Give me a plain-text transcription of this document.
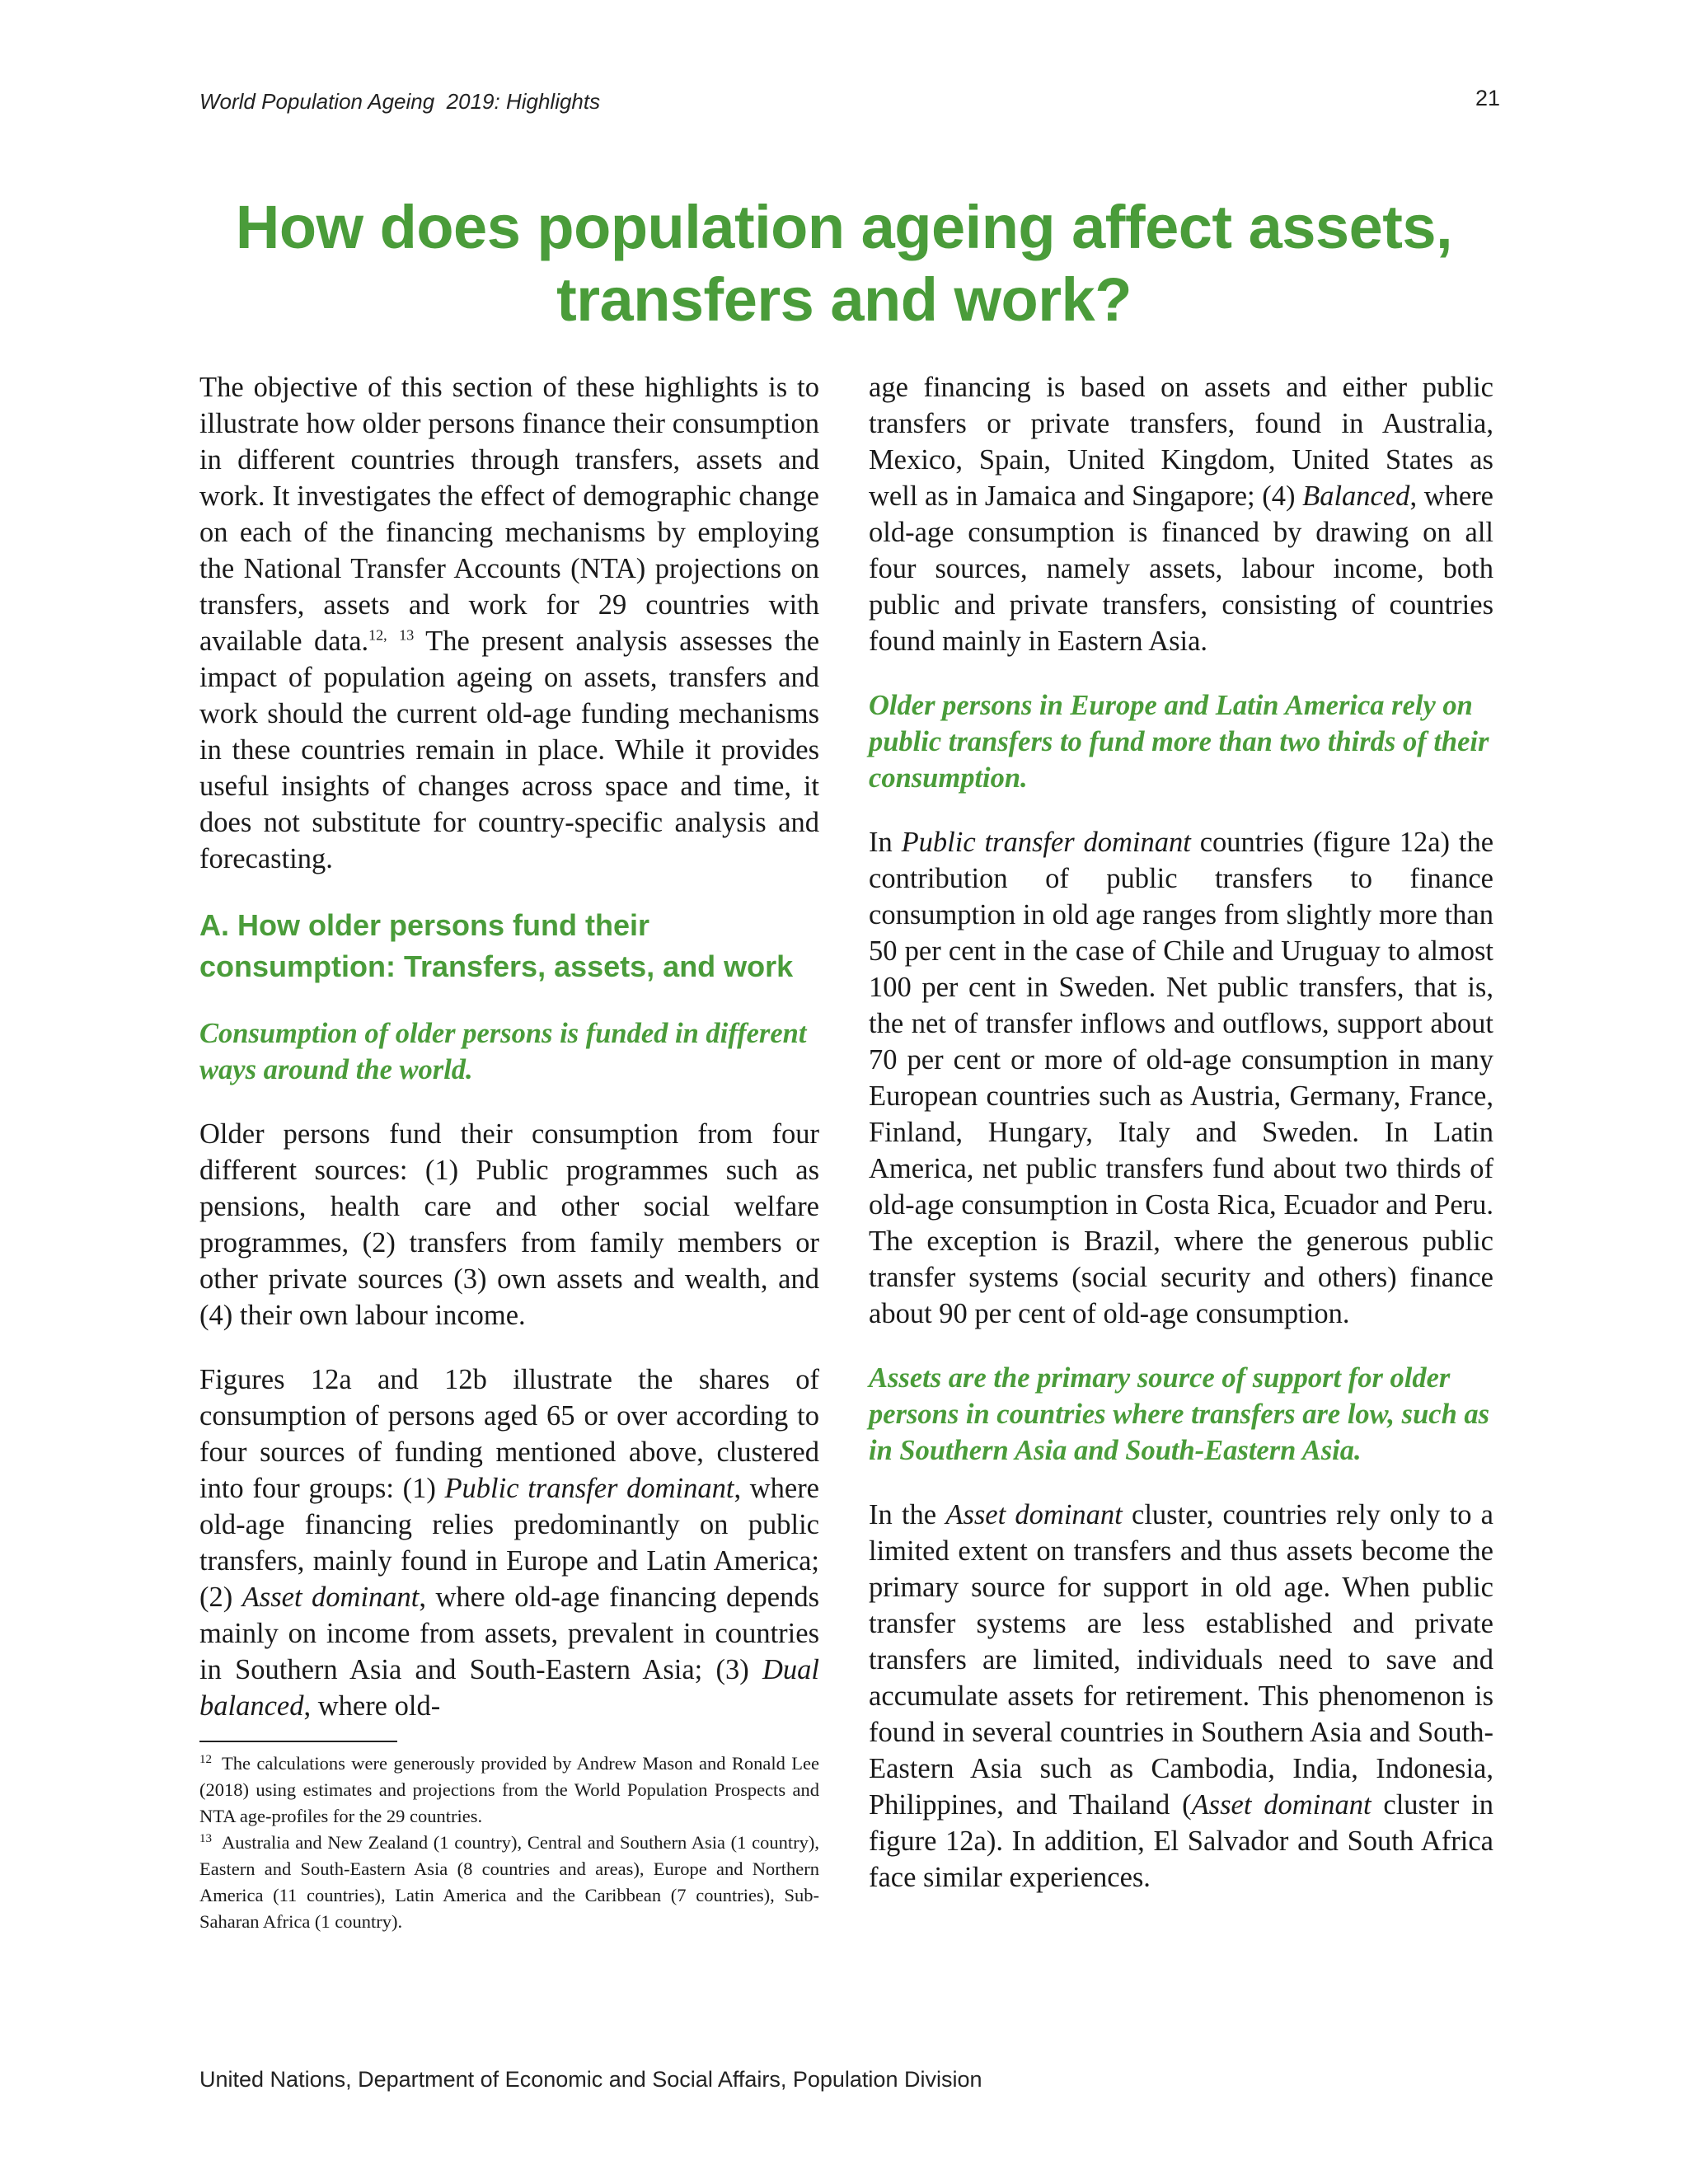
World Population Ageing  2019: Highlights	21
How does population ageing affect assets,
transfers and work?

The objective of this section of these highlights is to illustrate how older persons finance their consumption in different countries through transfers, assets and work. It investigates the effect of demographic change on each of the financing mechanisms by employing the National Transfer Accounts (NTA) projections on transfers, assets and work for 29 countries with available data.$^{12,}$ $^{13}$ The present analysis assesses the impact of population ageing on assets, transfers and work should the current old-age funding mechanisms in these countries remain in place. While it provides useful insights of changes across space and time, it does not substitute for country-specific analysis and forecasting.

A. How older persons fund their
consumption: Transfers, assets, and work

Consumption of older persons is funded in different ways around the world.

Older persons fund their consumption from four different sources: (1) Public programmes such as pensions, health care and other social welfare programmes, (2) transfers from family members or other private sources (3) own assets and wealth, and (4) their own labour income.

Figures 12a and 12b illustrate the shares of consumption of persons aged 65 or over according to four sources of funding mentioned above, clustered into four groups: (1) Public transfer dominant, where old-age financing relies predominantly on public transfers, mainly found in Europe and Latin America; (2) Asset dominant, where old-age financing depends mainly on income from assets, prevalent in countries in Southern Asia and South-Eastern Asia; (3) Dual balanced, where old-

$^{12}$ The calculations were generously provided by Andrew Mason and Ronald Lee (2018) using estimates and projections from the World Population Prospects and NTA age-profiles for the 29 countries.

$^{13}$ Australia and New Zealand (1 country), Central and Southern Asia (1 country), Eastern and South-Eastern Asia (8 countries and areas), Europe and Northern America (11 countries), Latin America and the Caribbean (7 countries), Sub-Saharan Africa (1 country).

age financing is based on assets and either public transfers or private transfers, found in Australia, Mexico, Spain, United Kingdom, United States as well as in Jamaica and Singapore; (4) Balanced, where old-age consumption is financed by drawing on all four sources, namely assets, labour income, both public and private transfers, consisting of countries found mainly in Eastern Asia.

Older persons in Europe and Latin America rely on public transfers to fund more than two thirds of their consumption.

In Public transfer dominant countries (figure 12a) the contribution of public transfers to finance consumption in old age ranges from slightly more than 50 per cent in the case of Chile and Uruguay to almost 100 per cent in Sweden. Net public transfers, that is, the net of transfer inflows and outflows, support about 70 per cent or more of old-age consumption in many European countries such as Austria, Germany, France, Finland, Hungary, Italy and Sweden. In Latin America, net public transfers fund about two thirds of old-age consumption in Costa Rica, Ecuador and Peru. The exception is Brazil, where the generous public transfer systems (social security and others) finance about 90 per cent of old-age consumption.

Assets are the primary source of support for older persons in countries where transfers are low, such as in Southern Asia and South-Eastern Asia.

In the Asset dominant cluster, countries rely only to a limited extent on transfers and thus assets become the primary source for support in old age. When public transfer systems are less established and private transfers are limited, individuals need to save and accumulate assets for retirement. This phenomenon is found in several countries in Southern Asia and South-Eastern Asia such as Cambodia, India, Indonesia, Philippines, and Thailand (Asset dominant cluster in figure 12a). In addition, El Salvador and South Africa face similar experiences.

United Nations, Department of Economic and Social Affairs, Population Division
